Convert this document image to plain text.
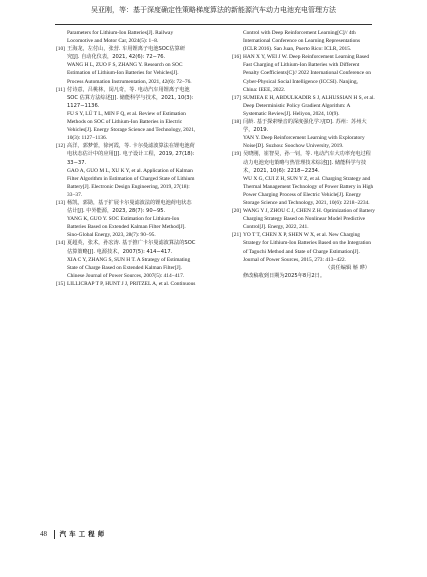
吴亚刚，等：基于深度确定性策略梯度算法的新能源汽车动力电池充电管理方法
Parameters for Lithium-Ion Batteries[J]. Railway
Locomotive and Motor Car, 2024(5): 1−8.
[10] 王海龙，左付山，张营. 车用锂离子电池SOC估算研
究[J]. 自动化仪表，2021, 42(6): 72−76.
WANG H L, ZUO F S, ZHANG Y. Research on SOC
Estimation of Lithium-Ion Batteries for Vehicles[J].
Process Automation Instrumentation, 2021, 42(6): 72−76.
[11] 付诗意，吕桃林，闵凡奇，等. 电动汽车用锂离子电池
SOC 估算方法综述[J]. 储能科学与技术，2021, 10(3):
1127−1136.
FU S Y, LÜ T L, MIN F Q, et al. Review of Estimation
Methods on SOC of Lithium-Ion Batteries in Electric
Vehicles[J]. Energy Storage Science and Technology, 2021,
10(3): 1127−1136.
[12] 高洋，郭梦蕾，徐河霞，等. 卡尔曼滤波算法在锂电池荷
电状态估计中的应用[J]. 电子设计工程，2019, 27(18):
33−37.
GAO A, GUO M L, XU K Y, et al. Application of Kalman
Filter Algorithm in Estimation of Charged State of Lithium
Battery[J]. Electronic Design Engineering, 2019, 27(18):
33−37.
[13] 杨凯，郭勋，基于扩展卡尔曼滤波法的锂电池荷电状态
估计[J]. 中外能源，2023, 28(7): 90−95.
YANG K, GUO Y. SOC Estimation for Lithium-Ion
Batteries Based on Extended Kalman Filter Method[J].
Sino-Global Energy, 2023, 28(7): 90−95.
[14] 夏超英，张术，孙宏涛. 基于推广卡尔曼滤波算法的SOC
估算策略[J]. 电源技术，2007(5): 414−417.
XIA C Y, ZHANG S, SUN H T. A Strategy of Estimating
State of Charge Based on Extended Kalman Filter[J].
Chinese Journal of Power Sources, 2007(5): 414−417.
[15] LILLICRAP T P, HUNT J J, PRITZEL A, et al. Continuous
Control with Deep Reinforcement Learning[C]// 4th
International Conference on Learning Representations
(ICLR 2016). San Juan, Puerto Rico: ICLR, 2015.
[16] HAN X Y, WEI J W. Deep Reinforcement Learning Based
Fast Charging of Lithium-Ion Batteries with Different
Penalty Coefficients[C]// 2022 International Conference on
Cyber-Physical Social Intelligence (ICCSI). Nanjing,
China: IEEE, 2022.
[17] SUMIEA E H, ABDULKADIR S J, ALHUSSIAN H S, et al.
Deep Deterministic Policy Gradient Algorithm: A
Systematic Review[J]. Heliyon, 2024, 10(9).
[18] 闫龄. 基于探索噪音的深度强化学习[D]. 苏州：苏州大
学，2019.
YAN Y. Deep Reinforcement Learning with Exploratory
Noise[D]. Suzhou: Soochow University, 2019.
[19] 吴晓刚，崔智昊，孙一钊，等. 电动汽车大功率充电过程
动力电池充电策略与热管理技术综述[J]. 储能科学与技
术，2021, 10(6): 2218−2234.
WU X G, CUI Z H, SUN Y Z, et al. Charging Strategy and
Thermal Management Technology of Power Battery in High
Power Charging Process of Electric Vehicle[J]. Energy
Storage Science and Technology, 2021, 10(6): 2218−2234.
[20] WANG Y J, ZHOU C J, CHEN Z H. Optimization of Battery
Charging Strategy Based on Nonlinear Model Predictive
Control[J]. Energy, 2022, 241.
[21] YO T T, CHEN X P, SHEN W X, et al. New Charging
Strategy for Lithium-Ion Batteries Based on the Integration
of Taguchi Method and State of Charge Estimation[J].
Journal of Power Sources, 2015, 273: 413−422.
（责任编辑 斛 晔）
修改稿收到日期为2025年8月2日。
48 汽车工程师
